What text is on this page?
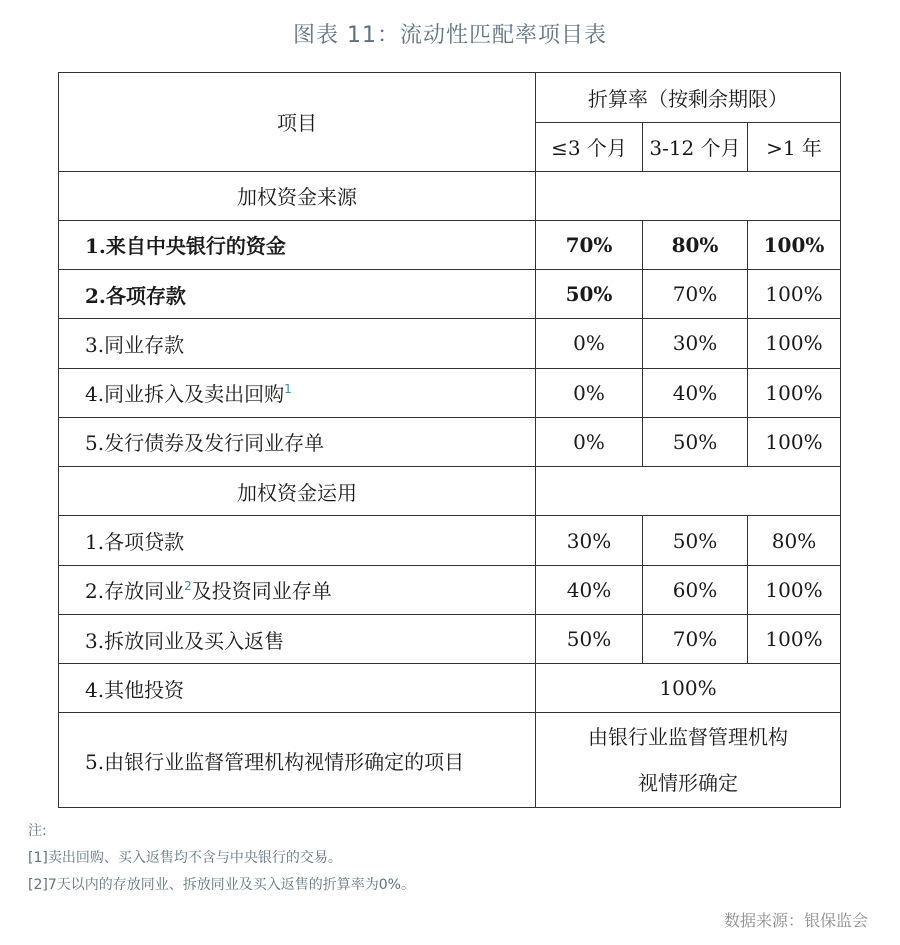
图表 11：流动性匹配率项目表
项目	折算率（按剩余期限）		
	≤3 个月	3-12 个月	>1 年
加权资金来源			
1.来自中央银行的资金	70%	80%	100%
2.各项存款	50%	70%	100%
3.同业存款	0%	30%	100%
4.同业拆入及卖出回购$^1$	0%	40%	100%
5.发行债券及发行同业存单	0%	50%	100%
加权资金运用			
1.各项贷款	30%	50%	80%
2.存放同业$^2$及投资同业存单	40%	60%	100%
3.拆放同业及买入返售	50%	70%	100%
4.其他投资	100%		
5.由银行业监督管理机构视情形确定的项目	由银行业监督管理机构
视情形确定		
注:
[1]卖出回购、买入返售均不含与中央银行的交易。
[2]7天以内的存放同业、拆放同业及买入返售的折算率为0%。
数据来源：银保监会
